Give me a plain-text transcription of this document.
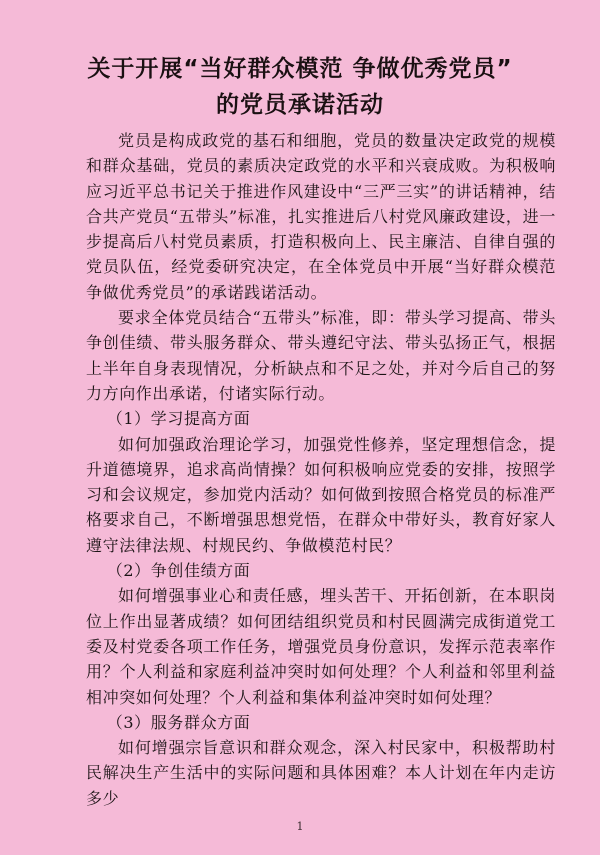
关于开展“当好群众模范 争做优秀党员”
的党员承诺活动

党员是构成政党的基石和细胞，党员的数量决定政党的规模和群众基础，党员的素质决定政党的水平和兴衰成败。为积极响应习近平总书记关于推进作风建设中“三严三实”的讲话精神，结合共产党员“五带头”标准，扎实推进后八村党风廉政建设，进一步提高后八村党员素质，打造积极向上、民主廉洁、自律自强的党员队伍，经党委研究决定，在全体党员中开展“当好群众模范 争做优秀党员”的承诺践诺活动。

要求全体党员结合“五带头”标准，即：带头学习提高、带头争创佳绩、带头服务群众、带头遵纪守法、带头弘扬正气，根据上半年自身表现情况，分析缺点和不足之处，并对今后自己的努力方向作出承诺，付诸实际行动。

（1）学习提高方面

如何加强政治理论学习，加强党性修养，坚定理想信念，提升道德境界，追求高尚情操？如何积极响应党委的安排，按照学习和会议规定，参加党内活动？如何做到按照合格党员的标准严格要求自己，不断增强思想党悟，在群众中带好头，教育好家人遵守法律法规、村规民约、争做模范村民？

（2）争创佳绩方面

如何增强事业心和责任感，埋头苦干、开拓创新，在本职岗位上作出显著成绩？如何团结组织党员和村民圆满完成街道党工委及村党委各项工作任务，增强党员身份意识，发挥示范表率作用？个人利益和家庭利益冲突时如何处理？个人利益和邻里利益相冲突如何处理？个人利益和集体利益冲突时如何处理？

（3）服务群众方面

如何增强宗旨意识和群众观念，深入村民家中，积极帮助村民解决生产生活中的实际问题和具体困难？本人计划在年内走访多少

1
